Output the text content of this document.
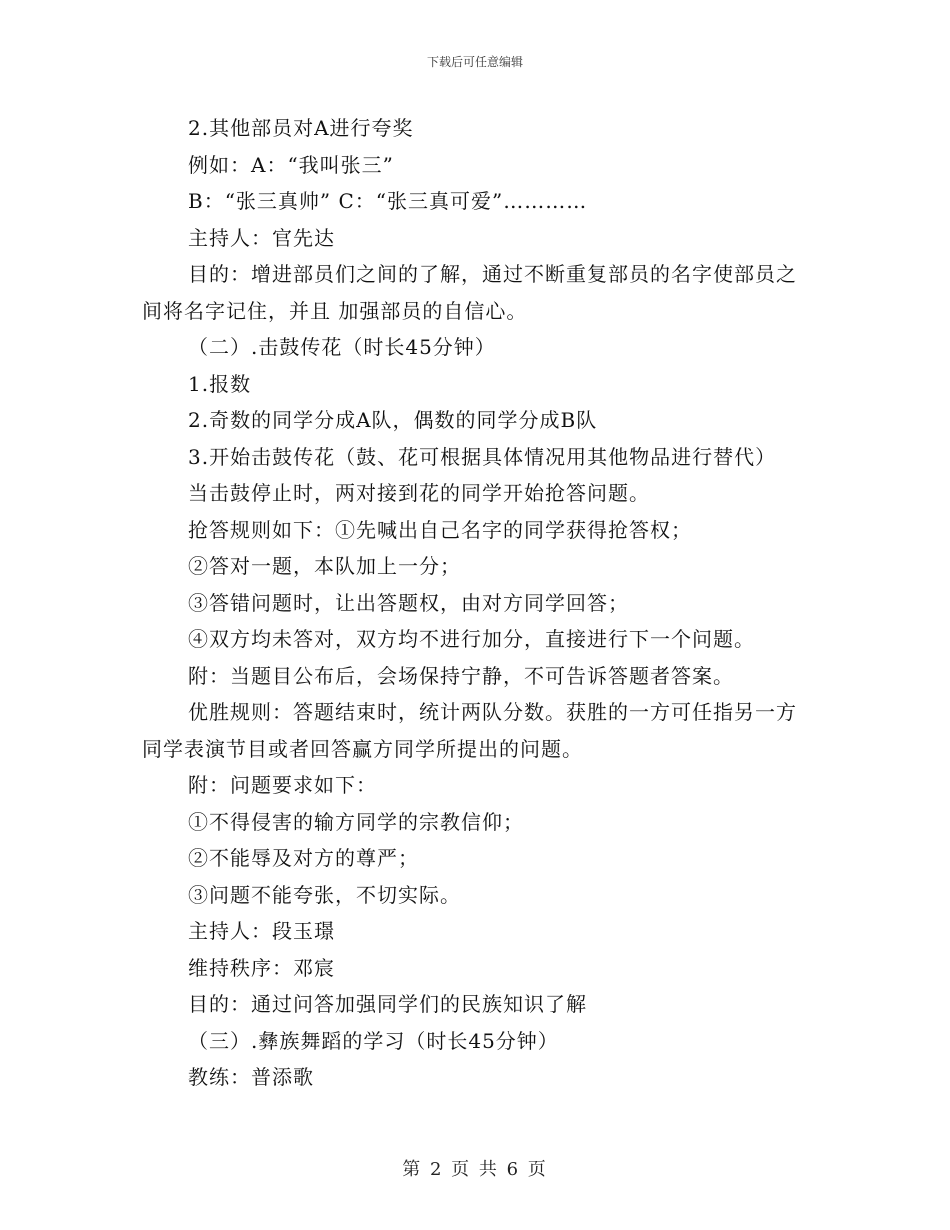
下载后可任意编辑

2.其他部员对A进行夸奖

例如：A：“我叫张三”

B：“张三真帅” C：“张三真可爱”…………

主持人：官先达

目的：增进部员们之间的了解，通过不断重复部员的名字使部员之间将名字记住，并且 加强部员的自信心。

（二）.击鼓传花（时长45分钟）

1.报数

2.奇数的同学分成A队，偶数的同学分成B队

3.开始击鼓传花（鼓、花可根据具体情况用其他物品进行替代）

当击鼓停止时，两对接到花的同学开始抢答问题。

抢答规则如下：①先喊出自己名字的同学获得抢答权；

②答对一题，本队加上一分；

③答错问题时，让出答题权，由对方同学回答；

④双方均未答对，双方均不进行加分，直接进行下一个问题。

附：当题目公布后，会场保持宁静，不可告诉答题者答案。

优胜规则：答题结束时，统计两队分数。获胜的一方可任指另一方同学表演节目或者回答赢方同学所提出的问题。

附：问题要求如下：

①不得侵害的输方同学的宗教信仰；

②不能辱及对方的尊严；

③问题不能夸张，不切实际。

主持人：段玉璟

维持秩序：邓宸

目的：通过问答加强同学们的民族知识了解

（三）.彝族舞蹈的学习（时长45分钟）

教练：普添歌

第 2 页 共 6 页
